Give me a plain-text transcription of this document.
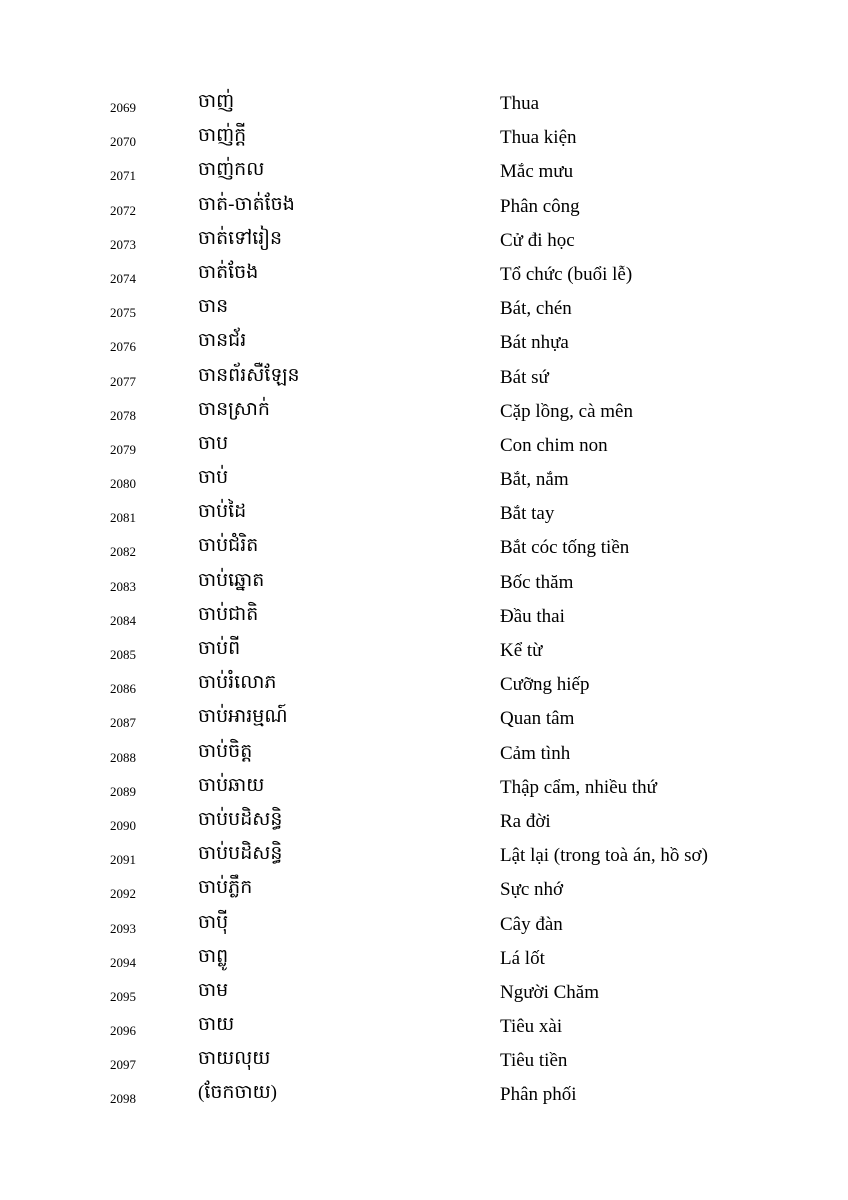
2069	ចាញ់	Thua
2070	ចាញ់ក្ដី	Thua kiện
2071	ចាញ់កល	Mắc mưu
2072	ចាត់-ចាត់ចែង	Phân công
2073	ចាត់ទៅរៀន	Cử đi học
2074	ចាត់ចែង	Tổ chức (buổi lễ)
2075	ចាន	Bát, chén
2076	ចានជ័រ	Bát nhựa
2077	ចានព័រសឺឡែន	Bát sứ
2078	ចានស្រាក់	Cặp lồng, cà mên
2079	ចាប	Con chim non
2080	ចាប់	Bắt, nắm
2081	ចាប់ដៃ	Bắt tay
2082	ចាប់ជំរិត	Bắt cóc tống tiền
2083	ចាប់ឆ្នោត	Bốc thăm
2084	ចាប់ជាតិ	Đầu thai
2085	ចាប់ពី	Kể từ
2086	ចាប់រំលោភ	Cưỡng hiếp
2087	ចាប់អារម្មណ៍	Quan tâm
2088	ចាប់ចិត្ត	Cảm tình
2089	ចាប់ឆាយ	Thập cẩm, nhiều thứ
2090	ចាប់បដិសន្ធិ	Ra đời
2091	ចាប់បដិសន្ធិ	Lật lại (trong toà án, hồ sơ)
2092	ចាប់ភ្លឹក	Sực nhớ
2093	ចាប៉ី	Cây đàn
2094	ចាព្លូ	Lá lốt
2095	ចាម	Người Chăm
2096	ចាយ	Tiêu xài
2097	ចាយលុយ	Tiêu tiền
2098	(ចែកចាយ)	Phân phối
